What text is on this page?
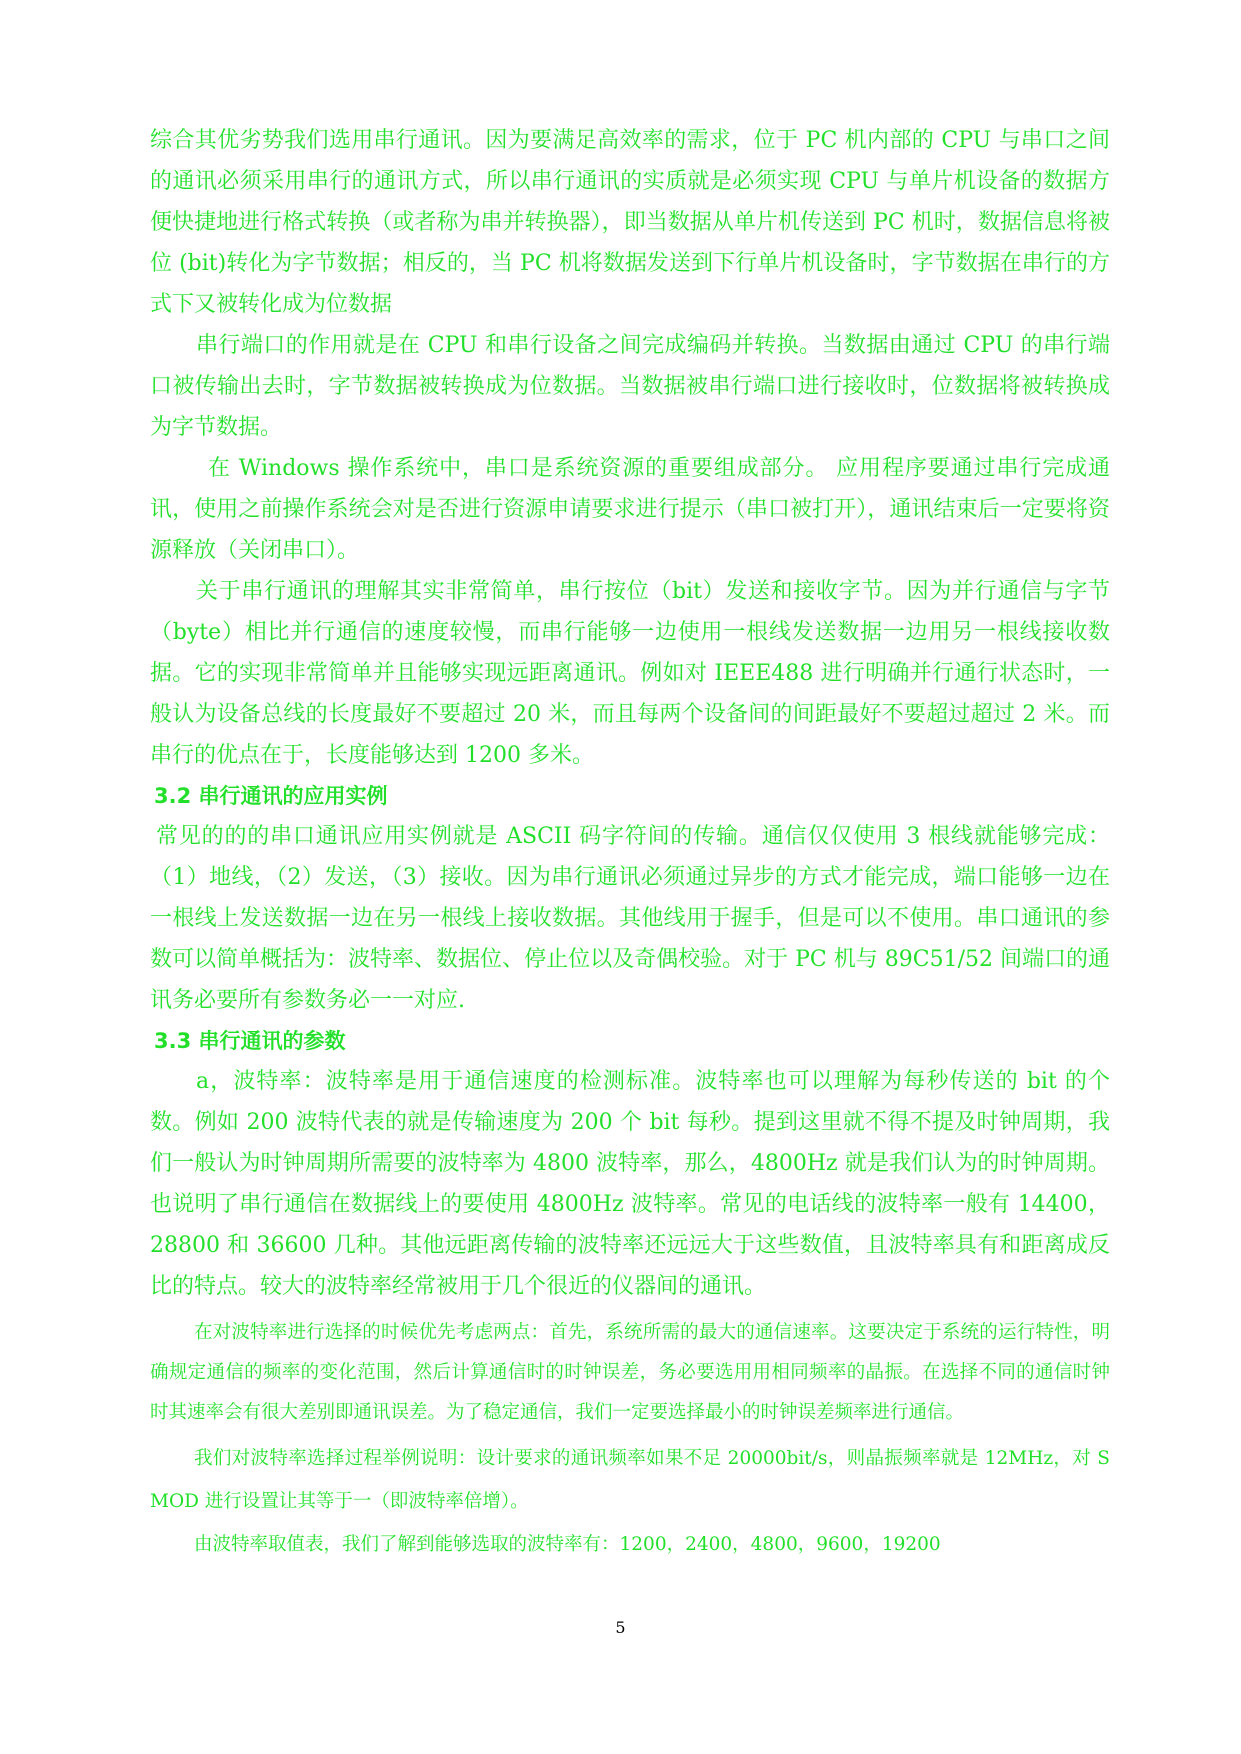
综合其优劣势我们选用串行通讯。因为要满足高效率的需求，位于 PC 机内部的 CPU 与串口之间的通讯必须采用串行的通讯方式，所以串行通讯的实质就是必须实现 CPU 与单片机设备的数据方便快捷地进行格式转换（或者称为串并转换器），即当数据从单片机传送到 PC 机时，数据信息将被位 (bit)转化为字节数据；相反的，当 PC 机将数据发送到下行单片机设备时，字节数据在串行的方式下又被转化成为位数据

串行端口的作用就是在 CPU 和串行设备之间完成编码并转换。当数据由通过 CPU 的串行端口被传输出去时，字节数据被转换成为位数据。当数据被串行端口进行接收时，位数据将被转换成为字节数据。

在 Windows 操作系统中，串口是系统资源的重要组成部分。 应用程序要通过串行完成通讯，使用之前操作系统会对是否进行资源申请要求进行提示（串口被打开），通讯结束后一定要将资源释放（关闭串口）。

关于串行通讯的理解其实非常简单，串行按位（bit）发送和接收字节。因为并行通信与字节（byte）相比并行通信的速度较慢，而串行能够一边使用一根线发送数据一边用另一根线接收数据。它的实现非常简单并且能够实现远距离通讯。例如对 IEEE488 进行明确并行通行状态时，一般认为设备总线的长度最好不要超过 20 米，而且每两个设备间的间距最好不要超过超过 2 米。而串行的优点在于，长度能够达到 1200 多米。

3.2 串行通讯的应用实例

常见的的的串口通讯应用实例就是 ASCII 码字符间的传输。通信仅仅使用 3 根线就能够完成：（1）地线，（2）发送，（3）接收。因为串行通讯必须通过异步的方式才能完成，端口能够一边在一根线上发送数据一边在另一根线上接收数据。其他线用于握手，但是可以不使用。串口通讯的参数可以简单概括为：波特率、数据位、停止位以及奇偶校验。对于 PC 机与 89C51/52 间端口的通讯务必要所有参数务必一一对应.

3.3 串行通讯的参数

a，波特率：波特率是用于通信速度的检测标准。波特率也可以理解为每秒传送的 bit 的个数。例如 200 波特代表的就是传输速度为 200 个 bit 每秒。提到这里就不得不提及时钟周期，我们一般认为时钟周期所需要的波特率为 4800 波特率，那么，4800Hz 就是我们认为的时钟周期。也说明了串行通信在数据线上的要使用 4800Hz 波特率。常见的电话线的波特率一般有 14400，28800 和 36600 几种。其他远距离传输的波特率还远远大于这些数值，且波特率具有和距离成反比的特点。较大的波特率经常被用于几个很近的仪器间的通讯。

在对波特率进行选择的时候优先考虑两点：首先，系统所需的最大的通信速率。这要决定于系统的运行特性，明确规定通信的频率的变化范围，然后计算通信时的时钟误差，务必要选用用相同频率的晶振。在选择不同的通信时钟时其速率会有很大差别即通讯误差。为了稳定通信，我们一定要选择最小的时钟误差频率进行通信。

我们对波特率选择过程举例说明：设计要求的通讯频率如果不足 20000bit/s，则晶振频率就是 12MHz，对 SMOD 进行设置让其等于一（即波特率倍增）。

由波特率取值表，我们了解到能够选取的波特率有：1200，2400，4800，9600，19200

5
